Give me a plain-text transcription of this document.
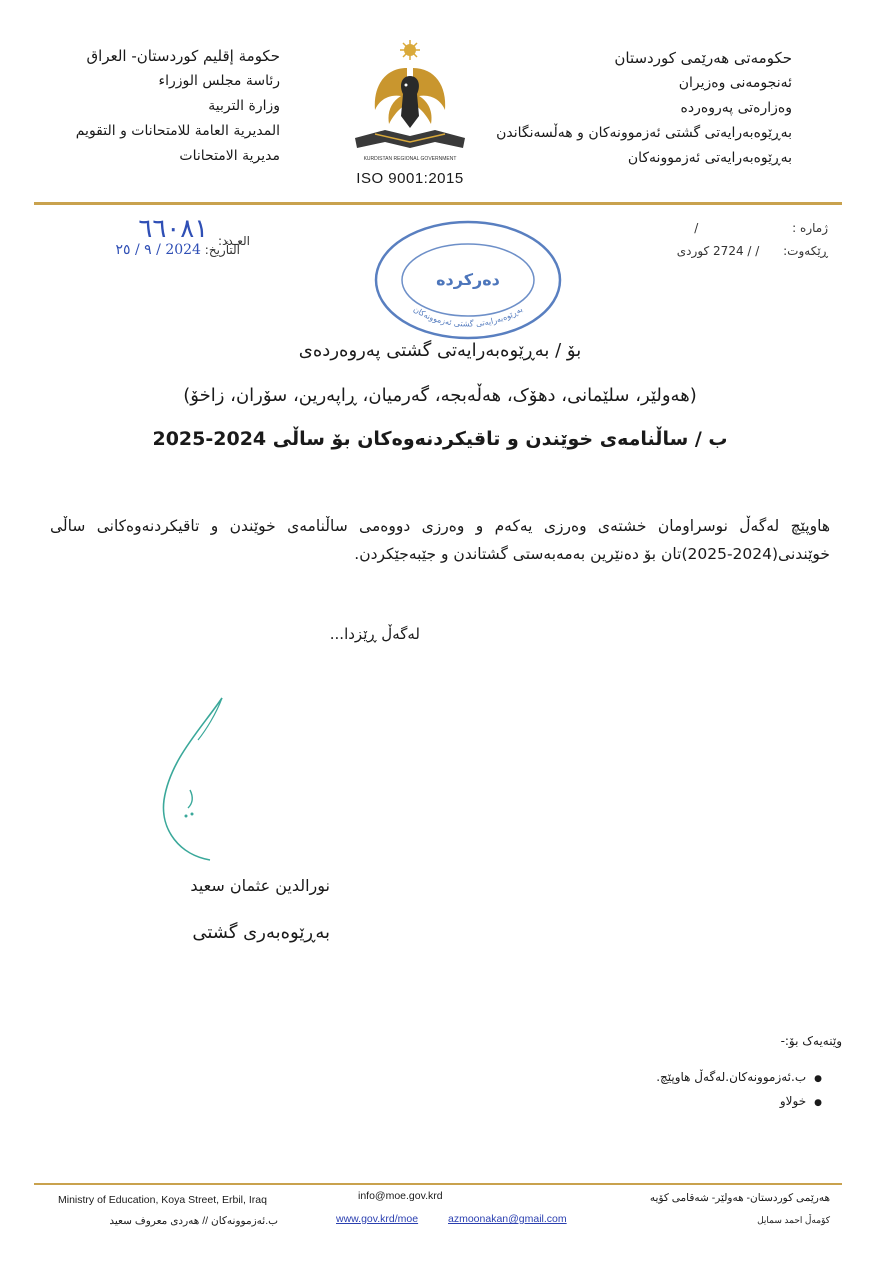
حکومەتی هەرێمی کوردستان
ئەنجومەنی وەزیران
وەزارەتی پەروەردە
بەڕێوەبەرایەتی گشتی ئەزموونەکان و هەڵسەنگاندن
بەڕێوەبەرایەتی ئەزموونەکان
حكومة إقليم كوردستان- العراق
رئاسة مجلس الوزراء
وزارة التربية
المديرية العامة للامتحانات و التقويم
مديرية الامتحانات	KURDISTAN REGIONAL GOVERNMENT
ISO 9001:2015
ژمارە : /
ڕێکەوت: / / 2724 کوردی
العـدد: ٦٦٠٨١
التأريخ: 2024 / ٩ / ٢٥
بەڕێوەبەرایەتی گشتی ئەزموونەکان
دەرکردە
بۆ / بەڕێوەبەرایەتی گشتی پەروەردەی
(هەولێر، سلێمانی، دهۆک، هەڵەبجە، گەرمیان، ڕاپەرین، سۆران، زاخۆ)
ب / ساڵنامەی خوێندن و تاقیکردنەوەکان بۆ ساڵی 2024-2025
هاوپێچ لەگەڵ نوسراومان خشتەی وەرزی یەکەم و وەرزی دووەمی ساڵنامەی خوێندن و تاقیکردنەوەکانی ساڵی خوێندنی(2024-2025)تان بۆ دەنێرین بەمەبەستی گشتاندن و جێبەجێکردن.
لەگەڵ ڕێزدا...
نورالدين عثمان سعيد
بەڕێوەبەری گشتی
وێنەیەک بۆ:-
●ب.ئەزموونەکان.لەگەڵ هاوپێچ.
●خولاو
Ministry of Education, Koya Street, Erbil, Iraq
ب.ئەزموونەکان // هەردی معروف سعيد
info@moe.gov.krd
www.gov.krd/moe	azmoonakan@gmail.com
هەرێمی کوردستان- هەولێر- شەقامی کۆیە
کۆمەڵ احمد سمايل
